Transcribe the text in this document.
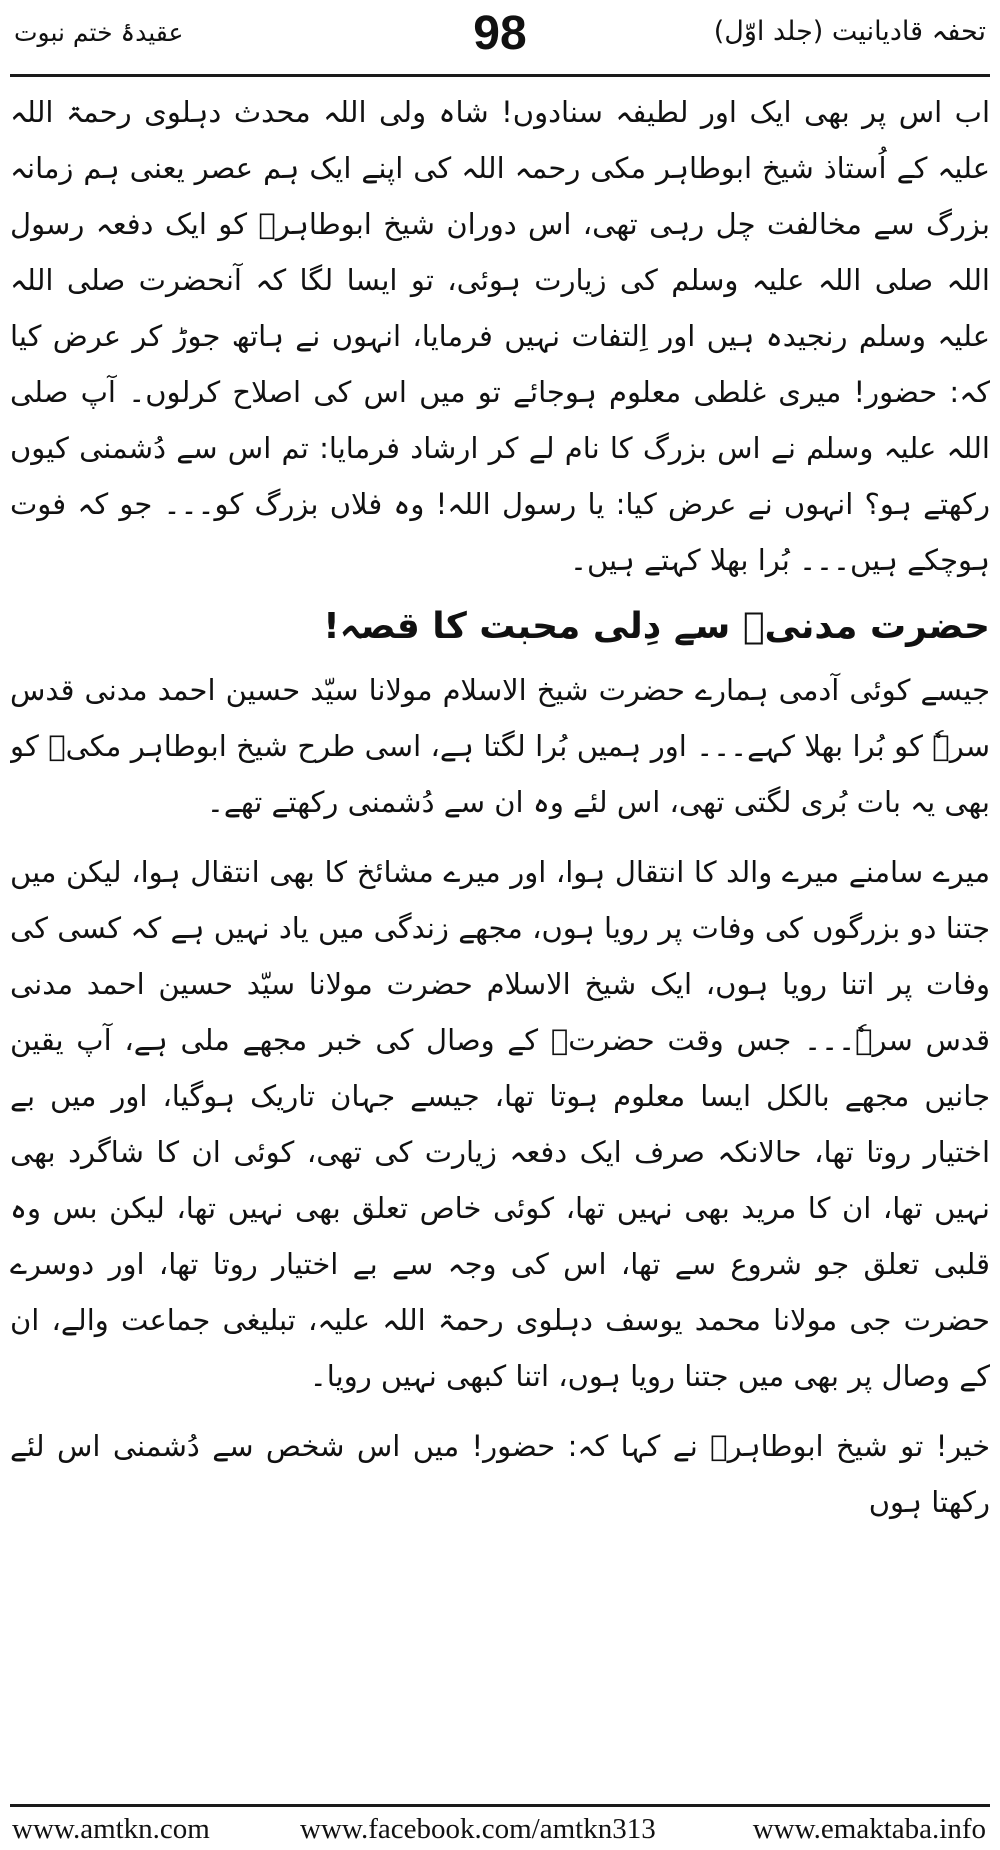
تحفہ قادیانیت (جلد اوّل)
98
عقیدۂ ختم نبوت

اب اس پر بھی ایک اور لطیفہ سنادوں! شاہ ولی اللہ محدث دہلوی رحمۃ اللہ علیہ کے اُستاذ شیخ ابوطاہر مکی رحمہ اللہ کی اپنے ایک ہم عصر یعنی ہم زمانہ بزرگ سے مخالفت چل رہی تھی، اس دوران شیخ ابوطاہرؒ کو ایک دفعہ رسول اللہ صلی اللہ علیہ وسلم کی زیارت ہوئی، تو ایسا لگا کہ آنحضرت صلی اللہ علیہ وسلم رنجیدہ ہیں اور اِلتفات نہیں فرمایا، انہوں نے ہاتھ جوڑ کر عرض کیا کہ: حضور! میری غلطی معلوم ہوجائے تو میں اس کی اصلاح کرلوں۔ آپ صلی اللہ علیہ وسلم نے اس بزرگ کا نام لے کر ارشاد فرمایا: تم اس سے دُشمنی کیوں رکھتے ہو؟ انہوں نے عرض کیا: یا رسول اللہ! وہ فلاں بزرگ کو۔۔۔ جو کہ فوت ہوچکے ہیں۔۔۔ بُرا بھلا کہتے ہیں۔

حضرت مدنیؒ سے دِلی محبت کا قصہ!

جیسے کوئی آدمی ہمارے حضرت شیخ الاسلام مولانا سیّد حسین احمد مدنی قدس سرہٗ کو بُرا بھلا کہے۔۔۔ اور ہمیں بُرا لگتا ہے، اسی طرح شیخ ابوطاہر مکیؒ کو بھی یہ بات بُری لگتی تھی، اس لئے وہ ان سے دُشمنی رکھتے تھے۔

میرے سامنے میرے والد کا انتقال ہوا، اور میرے مشائخ کا بھی انتقال ہوا، لیکن میں جتنا دو بزرگوں کی وفات پر رویا ہوں، مجھے زندگی میں یاد نہیں ہے کہ کسی کی وفات پر اتنا رویا ہوں، ایک شیخ الاسلام حضرت مولانا سیّد حسین احمد مدنی قدس سرہٗ۔۔۔ جس وقت حضرتؒ کے وصال کی خبر مجھے ملی ہے، آپ یقین جانیں مجھے بالکل ایسا معلوم ہوتا تھا، جیسے جہان تاریک ہوگیا، اور میں بے اختیار روتا تھا، حالانکہ صرف ایک دفعہ زیارت کی تھی، کوئی ان کا شاگرد بھی نہیں تھا، ان کا مرید بھی نہیں تھا، کوئی خاص تعلق بھی نہیں تھا، لیکن بس وہ قلبی تعلق جو شروع سے تھا، اس کی وجہ سے بے اختیار روتا تھا، اور دوسرے حضرت جی مولانا محمد یوسف دہلوی رحمۃ اللہ علیہ، تبلیغی جماعت والے، ان کے وصال پر بھی میں جتنا رویا ہوں، اتنا کبھی نہیں رویا۔

خیر! تو شیخ ابوطاہرؒ نے کہا کہ: حضور! میں اس شخص سے دُشمنی اس لئے رکھتا ہوں

www.amtkn.com	www.facebook.com/amtkn313	www.emaktaba.info
